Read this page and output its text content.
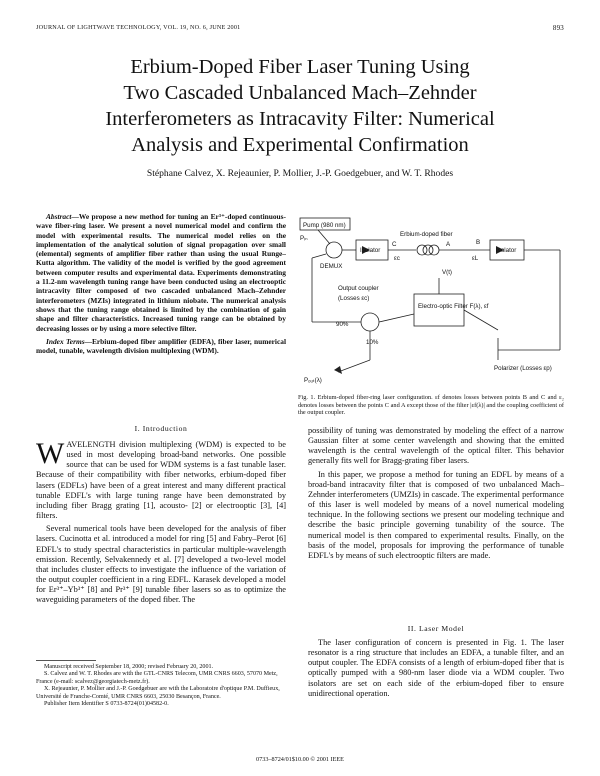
JOURNAL OF LIGHTWAVE TECHNOLOGY, VOL. 19, NO. 6, JUNE 2001	893
Erbium-Doped Fiber Laser Tuning Using
Two Cascaded Unbalanced Mach–Zehnder
Interferometers as Intracavity Filter: Numerical
Analysis and Experimental Confirmation
Stéphane Calvez, X. Rejeaunier, P. Mollier, J.-P. Goedgebuer, and W. T. Rhodes

Abstract—We propose a new method for tuning an Er³⁺-doped continuous-wave fiber-ring laser. We present a novel numerical model and confirm the model with experimental results. The numerical model relies on the implementation of the analytical solution of signal propagation over small (elemental) segments of amplifier fiber rather than using the usual Runge–Kutta algorithm. The validity of the model is verified by the good agreement between computer results and experimental data. Experiments demonstrating a 11.2-nm wavelength tuning range have been conducted using an electrooptic intracavity filter composed of two cascaded unbalanced Mach–Zehnder interferometers (MZIs) integrated in lithium niobate. The numerical analysis shows that the tuning range obtained is limited by the combination of gain shape and filter characteristics. Increased tuning range can be obtained by decreasing losses or by using a more selective filter.

Index Terms—Erbium-doped fiber amplifier (EDFA), fiber laser, numerical model, tunable, wavelength division multiplexing (WDM).

I. Introduction

WAVELENGTH division multiplexing (WDM) is expected to be used in most developing broad-band networks. One possible source that can be used for WDM systems is a fast tunable laser. Because of their compatibility with fiber networks, erbium-doped fiber lasers (EDFLs) have been of a great interest and many different practical tunable EDFL's with large tuning range have been demonstrated by including fiber Bragg grating [1], acousto- [2] or electrooptic [3], [4] filters.

Several numerical tools have been developed for the analysis of fiber lasers. Cucinotta et al. introduced a model for ring [5] and Fabry–Perot [6] EDFL's to study spectral characteristics in particular multiple-wavelength emission. Recently, Selvakennedy et al. [7] developed a two-level model that includes cluster effects to investigate the influence of the variation of the output coupler coefficient in a ring EDFL. Karasek developed a model for Er³⁺–Yb³⁺ [8] and Pr³⁺ [9] tunable fiber lasers so as to optimize the waveguiding parameters of the doped fiber. The

Manuscript received September 18, 2000; revised February 20, 2001.

S. Calvez and W. T. Rhodes are with the GTL-CNRS Telecom, UMR CNRS 6603, 57070 Metz, France (e-mail: scalvez@georgiatech-metz.fr).

X. Rejeaunier, P. Mollier and J.-P. Goedgebuer are with the Laboratoire d'optique P.M. Duffieux, Université de Franche-Comté, UMR CNRS 6603, 25030 Besançon, France.

Publisher Item Identifier S 0733-8724(01)04582-0.

Pump (980 nm)
Pᵢₙ
DEMUX
Isolator
Erbium-doped fiber
Isolator
B
C	A
εc	εL
Output coupler
(Losses εc)
90%
10%
Pₒᵤₜ(λ)
V(t)
Electro-optic Filter F(λ), εf
Polarizer (Losses εp)
Fig. 1. Erbium-doped fiber-ring laser configuration. εf denotes losses between points B and C and ε₂ denotes losses between the points C and A except those of the filter |εf(λ)| and the coupling coefficient of the output coupler.

possibility of tuning was demonstrated by modeling the effect of a narrow Gaussian filter at some center wavelength and showing that the emitted wavelength is the central wavelength of the optical filter. This behavior generally fits well for Bragg-grating fiber lasers.

In this paper, we propose a method for tuning an EDFL by means of a broad-band intracavity filter that is composed of two unbalanced Mach–Zehnder interferometers (UMZIs) in cascade. The experimental performance of this laser is well modeled by means of a novel numerical modeling technique. In the following sections we present our modeling technique and describe the basic principle governing tunability of the source. The numerical model is then compared to experimental results. Finally, on the basis of the model, proposals for improving the performance of tunable EDFL's by means of such electrooptic filters are made.

II. Laser Model

The laser configuration of concern is presented in Fig. 1. The laser resonator is a ring structure that includes an EDFA, a tunable filter, and an output coupler. The EDFA consists of a length of erbium-doped fiber that is optically pumped with a 980-nm laser diode via a WDM coupler. Two isolators are set on each side of the erbium-doped fiber to ensure unidirectional operation.

0733–8724/01$10.00 © 2001 IEEE
